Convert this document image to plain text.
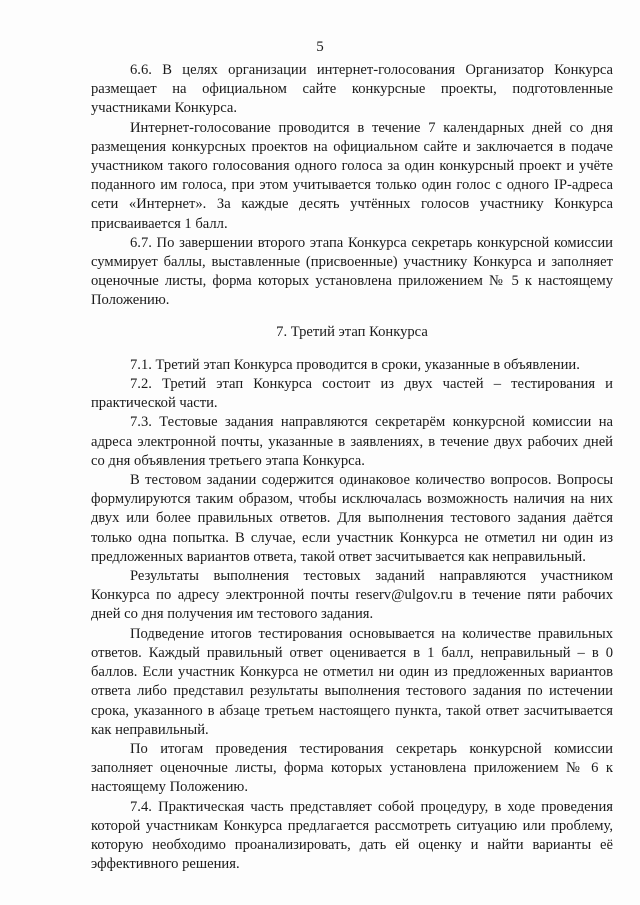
5

6.6. В целях организации интернет-голосования Организатор Конкурса размещает на официальном сайте конкурсные проекты, подготовленные участниками Конкурса.

Интернет-голосование проводится в течение 7 календарных дней со дня размещения конкурсных проектов на официальном сайте и заключается в подаче участником такого голосования одного голоса за один конкурсный проект и учёте поданного им голоса, при этом учитывается только один голос с одного IP-адреса сети «Интернет». За каждые десять учтённых голосов участнику Конкурса присваивается 1 балл.

6.7. По завершении второго этапа Конкурса секретарь конкурсной комиссии суммирует баллы, выставленные (присвоенные) участнику Конкурса и заполняет оценочные листы, форма которых установлена приложением № 5 к настоящему Положению.

7. Третий этап Конкурса

7.1. Третий этап Конкурса проводится в сроки, указанные в объявлении.

7.2. Третий этап Конкурса состоит из двух частей – тестирования и практической части.

7.3. Тестовые задания направляются секретарём конкурсной комиссии на адреса электронной почты, указанные в заявлениях, в течение двух рабочих дней со дня объявления третьего этапа Конкурса.

В тестовом задании содержится одинаковое количество вопросов. Вопросы формулируются таким образом, чтобы исключалась возможность наличия на них двух или более правильных ответов. Для выполнения тестового задания даётся только одна попытка. В случае, если участник Конкурса не отметил ни один из предложенных вариантов ответа, такой ответ засчитывается как неправильный.

Результаты выполнения тестовых заданий направляются участником Конкурса по адресу электронной почты reserv@ulgov.ru в течение пяти рабочих дней со дня получения им тестового задания.

Подведение итогов тестирования основывается на количестве правильных ответов. Каждый правильный ответ оценивается в 1 балл, неправильный – в 0 баллов. Если участник Конкурса не отметил ни один из предложенных вариантов ответа либо представил результаты выполнения тестового задания по истечении срока, указанного в абзаце третьем настоящего пункта, такой ответ засчитывается как неправильный.

По итогам проведения тестирования секретарь конкурсной комиссии заполняет оценочные листы, форма которых установлена приложением № 6 к настоящему Положению.

7.4. Практическая часть представляет собой процедуру, в ходе проведения которой участникам Конкурса предлагается рассмотреть ситуацию или проблему, которую необходимо проанализировать, дать ей оценку и найти варианты её эффективного решения.
